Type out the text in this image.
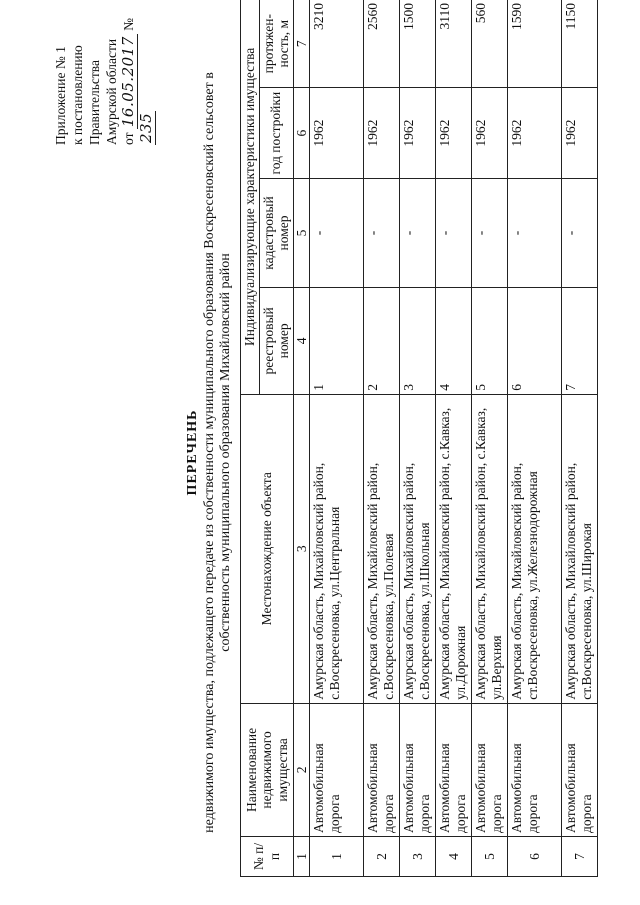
Приложение № 1 к постановлению Правительства Амурской области от 16.05.2017 № 235
ПЕРЕЧЕНЬ недвижимого имущества, подлежащего передаче из собственности муниципального образования Воскресеновский сельсовет в собственность муниципального образования Михайловский район
№ п/п	Наименование недвижимого имущества	Местонахождение объекта	Индивидуализирующие характеристики имущества			
			реестровый номер	кадастровый номер	год постройки	протяжен-ность, м
1	2	3	4	5	6	7
1	Автомобильная дорога	Амурская область, Михайловский район, с.Воскресеновка, ул.Центральная	1	-	1962	3210
2	Автомобильная дорога	Амурская область, Михайловский район, с.Воскресеновка, ул.Полевая	2	-	1962	2560
3	Автомобильная дорога	Амурская область, Михайловский район, с.Воскресеновка, ул.Школьная	3	-	1962	1500
4	Автомобильная дорога	Амурская область, Михайловский район, с.Кавказ, ул.Дорожная	4	-	1962	3110
5	Автомобильная дорога	Амурская область, Михайловский район, с.Кавказ, ул.Верхняя	5	-	1962	560
6	Автомобильная дорога	Амурская область, Михайловский район, ст.Воскресеновка, ул.Железнодорожная	6	-	1962	1590
7	Автомобильная дорога	Амурская область, Михайловский район, ст.Воскресеновка, ул.Широкая	7	-	1962	1150
